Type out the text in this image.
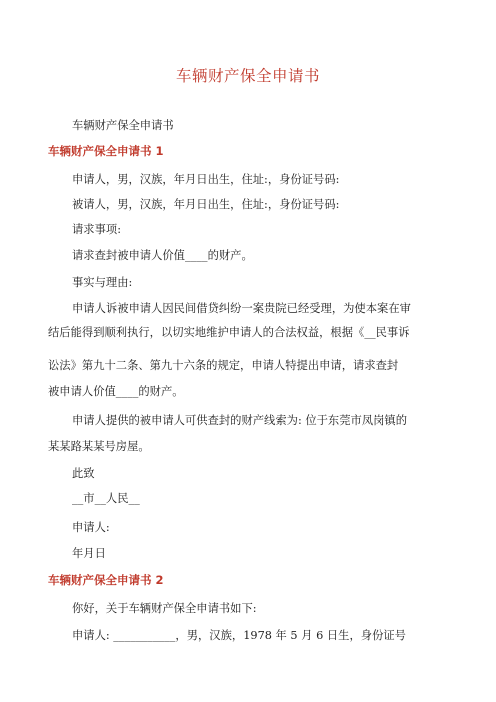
车辆财产保全申请书
车辆财产保全申请书
车辆财产保全申请书 1
申请人，男，汉族，年月日出生，住址:，身份证号码:
被请人，男，汉族，年月日出生，住址:，身份证号码:
请求事项:
请求查封被申请人价值____的财产。
事实与理由:
申请人诉被申请人因民间借贷纠纷一案贵院已经受理，为使本案在审
结后能得到顺利执行，以切实地维护申请人的合法权益，根据《__民事诉
讼法》第九十二条、第九十六条的规定，申请人特提出申请，请求查封
被申请人价值____的财产。
申请人提供的被申请人可供查封的财产线索为: 位于东莞市凤岗镇的
某某路某某号房屋。
此致
__市__人民__
申请人:
年月日
车辆财产保全申请书 2
你好，关于车辆财产保全申请书如下:
申请人: ___________，男，汉族，1978 年 5 月 6 日生，身份证号
